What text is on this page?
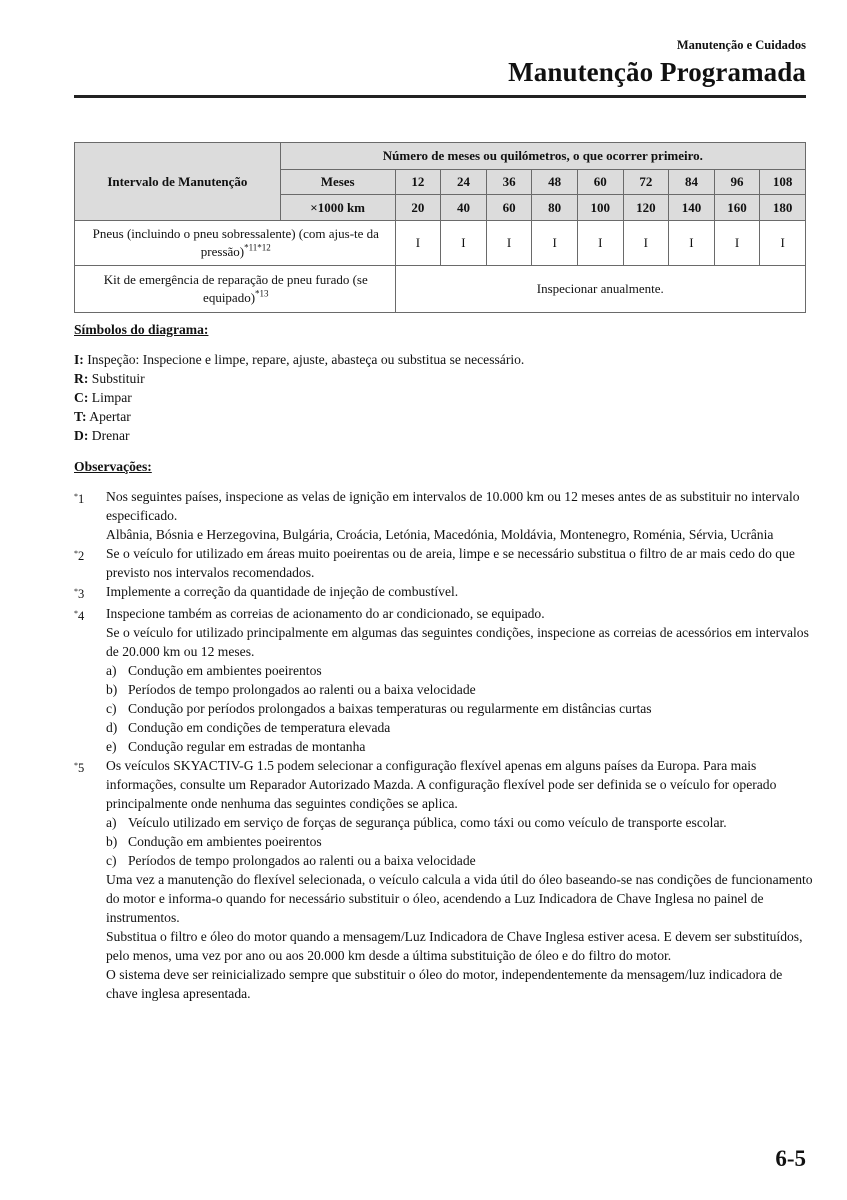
Manutenção e Cuidados
Manutenção Programada
Intervalo de Manutenção	Número de meses ou quilómetros, o que ocorrer primeiro.									
	Meses	12	24	36	48	60	72	84	96	108
	×1000 km	20	40	60	80	100	120	140	160	180
Pneus (incluindo o pneu sobressalente) (com ajus-te da pressão)$^{*11*12}$		I	I	I	I	I	I	I	I	I
Kit de emergência de reparação de pneu furado (se equipado)$^{*13}$		Inspecionar anualmente.								
Símbolos do diagrama:
I: Inspeção: Inspecione e limpe, repare, ajuste, abasteça ou substitua se necessário.
R: Substituir
C: Limpar
T: Apertar
D: Drenar
Observações:
*1	Nos seguintes países, inspecione as velas de ignição em intervalos de 10.000 km ou 12 meses antes de as substituir no intervalo especificado.
Albânia, Bósnia e Herzegovina, Bulgária, Croácia, Letónia, Macedónia, Moldávia, Montenegro, Roménia, Sérvia, Ucrânia
*2	Se o veículo for utilizado em áreas muito poeirentas ou de areia, limpe e se necessário substitua o filtro de ar mais cedo do que previsto nos intervalos recomendados.
*3	Implemente a correção da quantidade de injeção de combustível.
*4	Inspecione também as correias de acionamento do ar condicionado, se equipado.
Se o veículo for utilizado principalmente em algumas das seguintes condições, inspecione as correias de acessórios em intervalos de 20.000 km ou 12 meses.
a) Condução em ambientes poeirentos
b) Períodos de tempo prolongados ao ralenti ou a baixa velocidade
c) Condução por períodos prolongados a baixas temperaturas ou regularmente em distâncias curtas
d) Condução em condições de temperatura elevada
e) Condução regular em estradas de montanha
*5	Os veículos SKYACTIV-G 1.5 podem selecionar a configuração flexível apenas em alguns países da Europa. Para mais informações, consulte um Reparador Autorizado Mazda. A configuração flexível pode ser definida se o veículo for operado principalmente onde nenhuma das seguintes condições se aplica.
a) Veículo utilizado em serviço de forças de segurança pública, como táxi ou como veículo de transporte escolar.
b) Condução em ambientes poeirentos
c) Períodos de tempo prolongados ao ralenti ou a baixa velocidade
Uma vez a manutenção do flexível selecionada, o veículo calcula a vida útil do óleo baseando-se nas condições de funcionamento do motor e informa-o quando for necessário substituir o óleo, acendendo a Luz Indicadora de Chave Inglesa no painel de instrumentos.
Substitua o filtro e óleo do motor quando a mensagem/Luz Indicadora de Chave Inglesa estiver acesa. E devem ser substituídos, pelo menos, uma vez por ano ou aos 20.000 km desde a última substituição de óleo e do filtro do motor.
O sistema deve ser reinicializado sempre que substituir o óleo do motor, independentemente da mensagem/luz indicadora de chave inglesa apresentada.
6-5
